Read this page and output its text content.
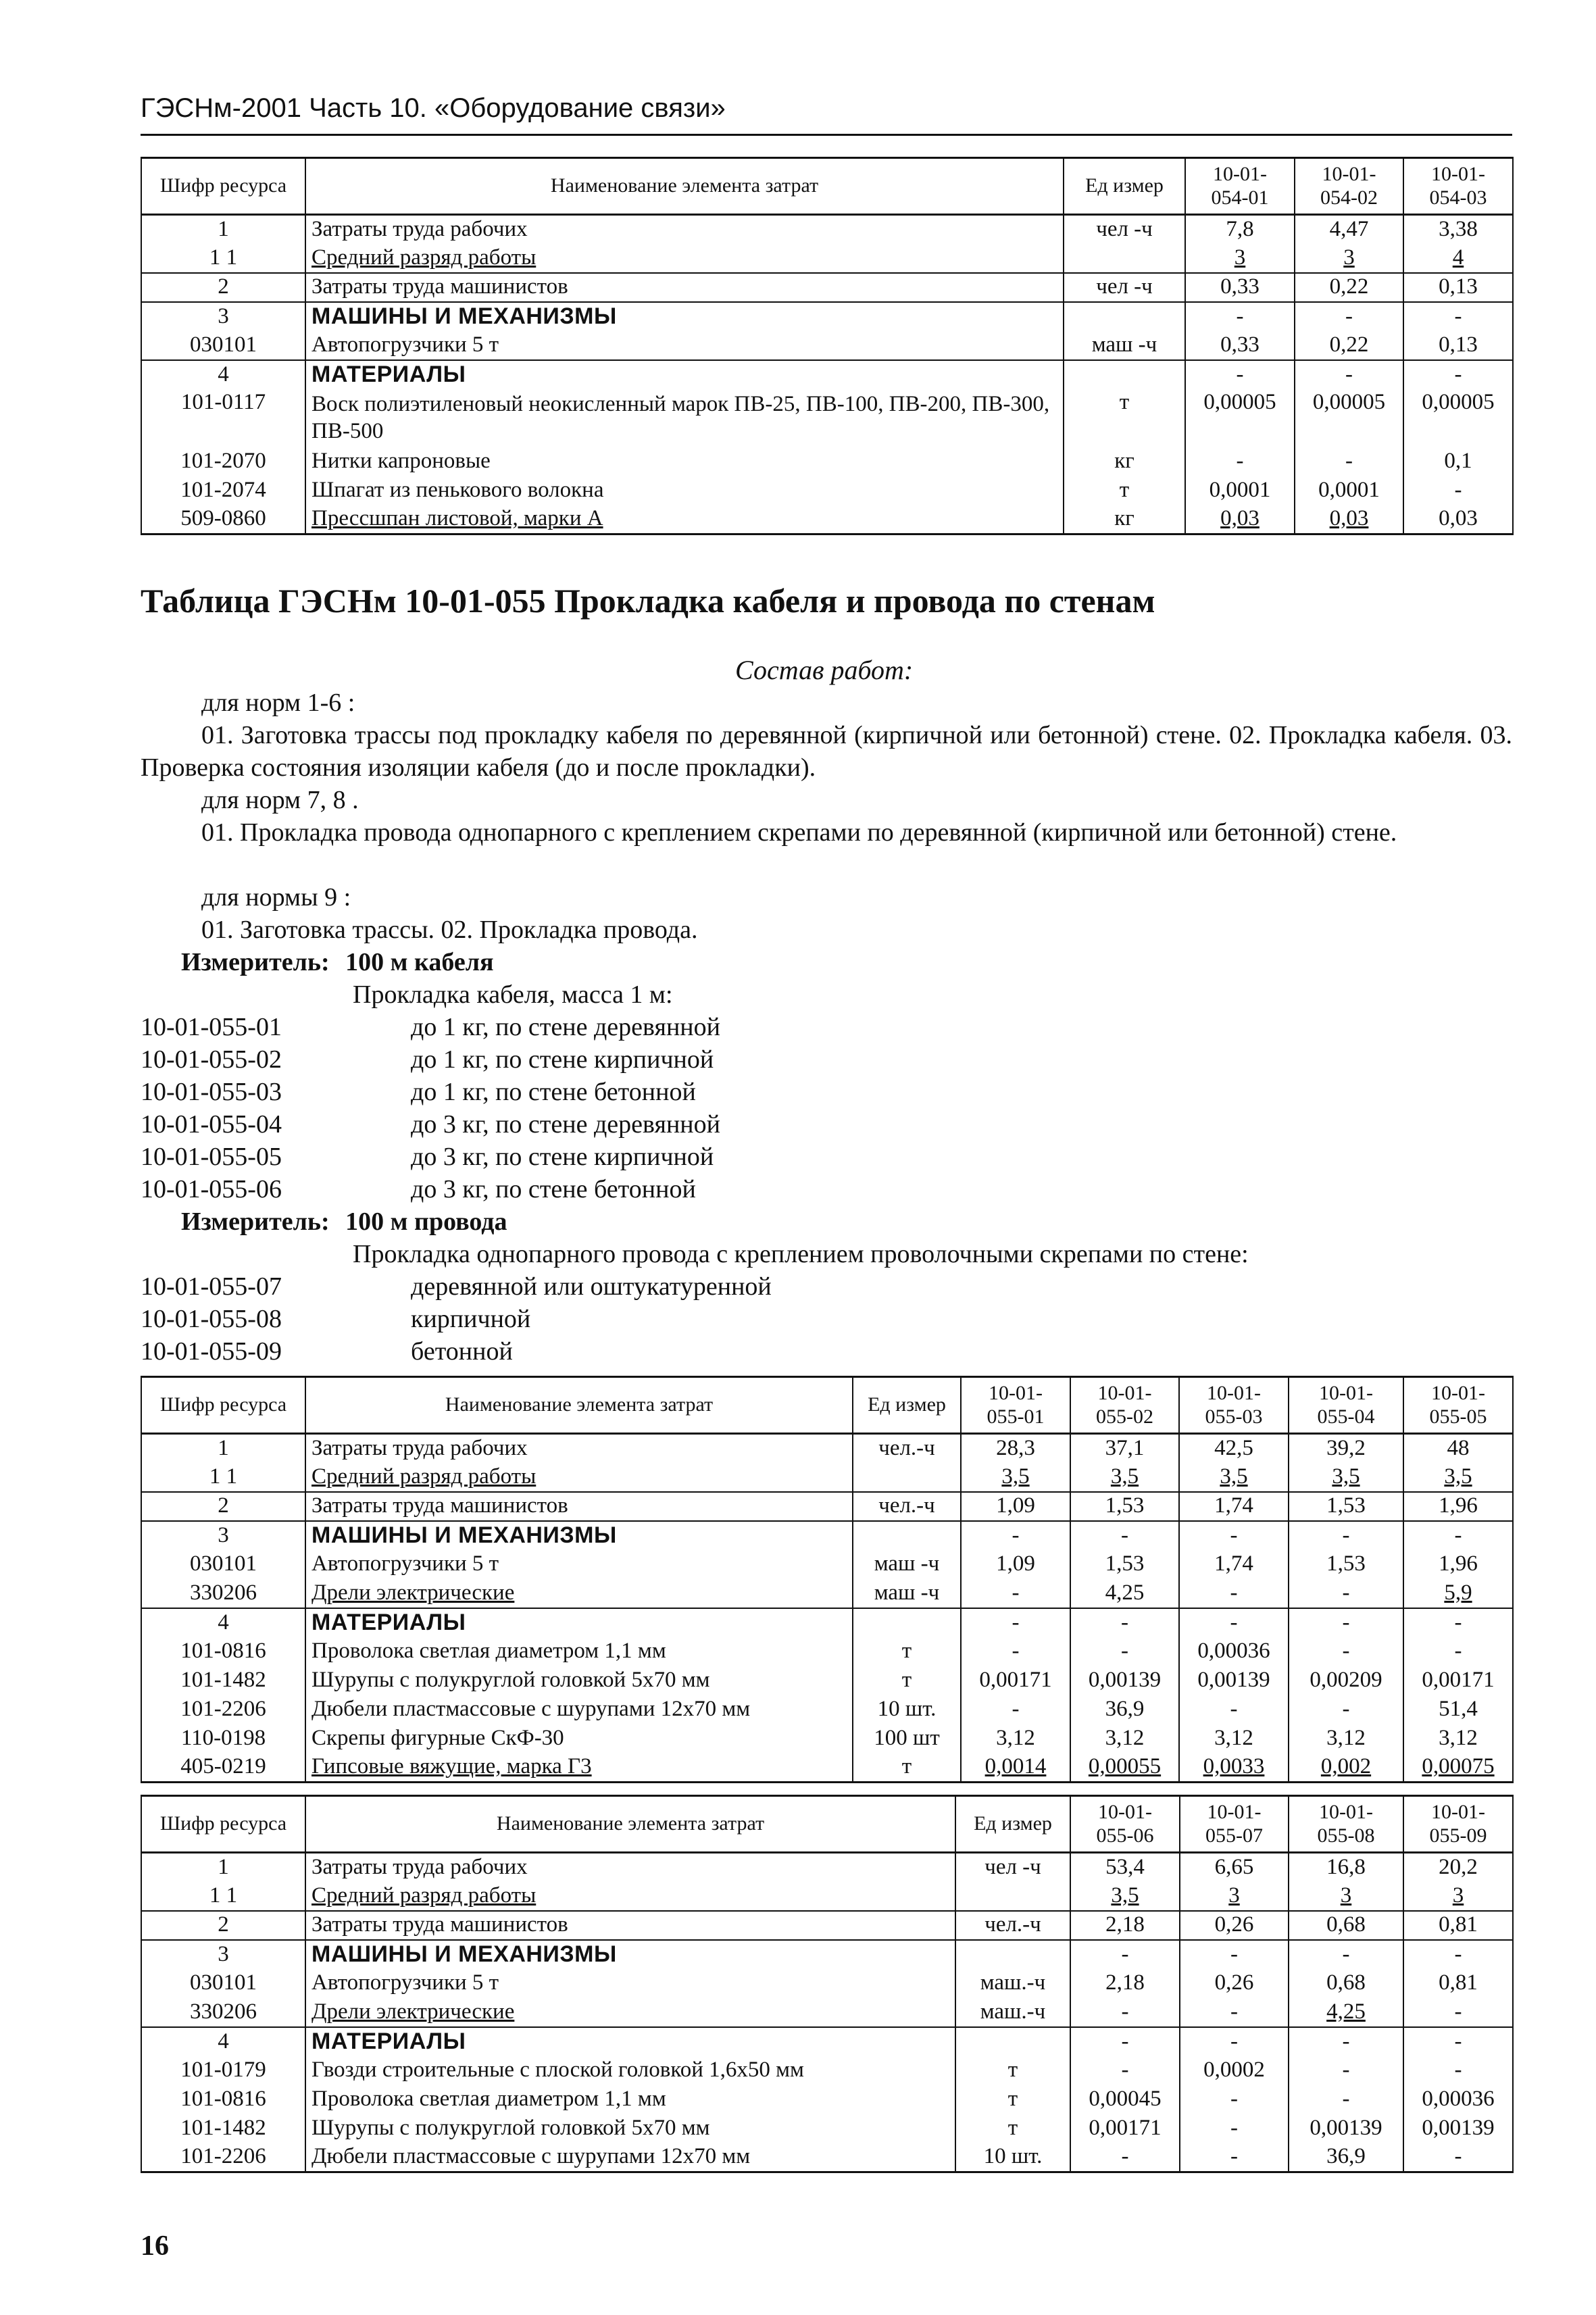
ГЭСНм-2001 Часть 10. «Оборудование связи»
Шифр ресурса	Наименование элемента затрат	Ед измер	10-01-
054-01	10-01-
054-02	10-01-
054-03

1	Затраты труда рабочих	чел -ч	7,8	4,47	3,38
1 1	Средний разряд работы		3	3	4
2	Затраты труда машинистов	чел -ч	0,33	0,22	0,13
3	МАШИНЫ И МЕХАНИЗМЫ		-	-	-
030101	Автопогрузчики 5 т	маш -ч	0,33	0,22	0,13
4	МАТЕРИАЛЫ		-	-	-
101-0117	Воск полиэтиленовый неокисленный марок ПВ-25, ПВ-100, ПВ-200, ПВ-300, ПВ-500	т	0,00005	0,00005	0,00005
101-2070	Нитки капроновые	кг	-	-	0,1
101-2074	Шпагат из пенькового волокна	т	0,0001	0,0001	-
509-0860	Прессшпан листовой, марки А	кг	0,03	0,03	0,03
Таблица ГЭСНм 10-01-055 Прокладка кабеля и провода по стенам
Состав работ:
для норм 1-6 :
01. Заготовка трассы под прокладку кабеля по деревянной (кирпичной или бетонной) стене. 02. Прокладка кабеля. 03. Проверка состояния изоляции кабеля (до и после прокладки).
для норм 7, 8 .
01. Прокладка провода однопарного с креплением скрепами по деревянной (кирпичной или бетонной) стене.
для нормы 9 :
01. Заготовка трассы. 02. Прокладка провода.
Измеритель: 100 м кабеля
Прокладка кабеля, масса 1 м:
10-01-055-01	до 1 кг, по стене деревянной
10-01-055-02	до 1 кг, по стене кирпичной
10-01-055-03	до 1 кг, по стене бетонной
10-01-055-04	до 3 кг, по стене деревянной
10-01-055-05	до 3 кг, по стене кирпичной
10-01-055-06	до 3 кг, по стене бетонной
Измеритель: 100 м провода
Прокладка однопарного провода с креплением проволочными скрепами по стене:
10-01-055-07	деревянной или оштукатуренной
10-01-055-08	кирпичной
10-01-055-09	бетонной
Шифр ресурса	Наименование элемента затрат	Ед измер	10-01-
055-01	10-01-
055-02	10-01-
055-03	10-01-
055-04	10-01-
055-05

1	Затраты труда рабочих	чел.-ч	28,3	37,1	42,5	39,2	48
1 1	Средний разряд работы		3,5	3,5	3,5	3,5	3,5
2	Затраты труда машинистов	чел.-ч	1,09	1,53	1,74	1,53	1,96
3	МАШИНЫ И МЕХАНИЗМЫ		-	-	-	-	-
030101	Автопогрузчики 5 т	маш -ч	1,09	1,53	1,74	1,53	1,96
330206	Дрели электрические	маш -ч	-	4,25	-	-	5,9
4	МАТЕРИАЛЫ		-	-	-	-	-
101-0816	Проволока светлая диаметром 1,1 мм	т	-	-	0,00036	-	-
101-1482	Шурупы с полукруглой головкой 5х70 мм	т	0,00171	0,00139	0,00139	0,00209	0,00171
101-2206	Дюбели пластмассовые с шурупами 12х70 мм	10 шт.	-	36,9	-	-	51,4
110-0198	Скрепы фигурные СкФ-30	100 шт	3,12	3,12	3,12	3,12	3,12
405-0219	Гипсовые вяжущие, марка Г3	т	0,0014	0,00055	0,0033	0,002	0,00075
Шифр ресурса	Наименование элемента затрат	Ед измер	10-01-
055-06	10-01-
055-07	10-01-
055-08	10-01-
055-09

1	Затраты труда рабочих	чел -ч	53,4	6,65	16,8	20,2
1 1	Средний разряд работы		3,5	3	3	3
2	Затраты труда машинистов	чел.-ч	2,18	0,26	0,68	0,81
3	МАШИНЫ И МЕХАНИЗМЫ		-	-	-	-
030101	Автопогрузчики 5 т	маш.-ч	2,18	0,26	0,68	0,81
330206	Дрели электрические	маш.-ч	-	-	4,25	-
4	МАТЕРИАЛЫ		-	-	-	-
101-0179	Гвозди строительные с плоской головкой 1,6х50 мм	т	-	0,0002	-	-
101-0816	Проволока светлая диаметром 1,1 мм	т	0,00045	-	-	0,00036
101-1482	Шурупы с полукруглой головкой 5х70 мм	т	0,00171	-	0,00139	0,00139
101-2206	Дюбели пластмассовые с шурупами 12х70 мм	10 шт.	-	-	36,9	-
16
